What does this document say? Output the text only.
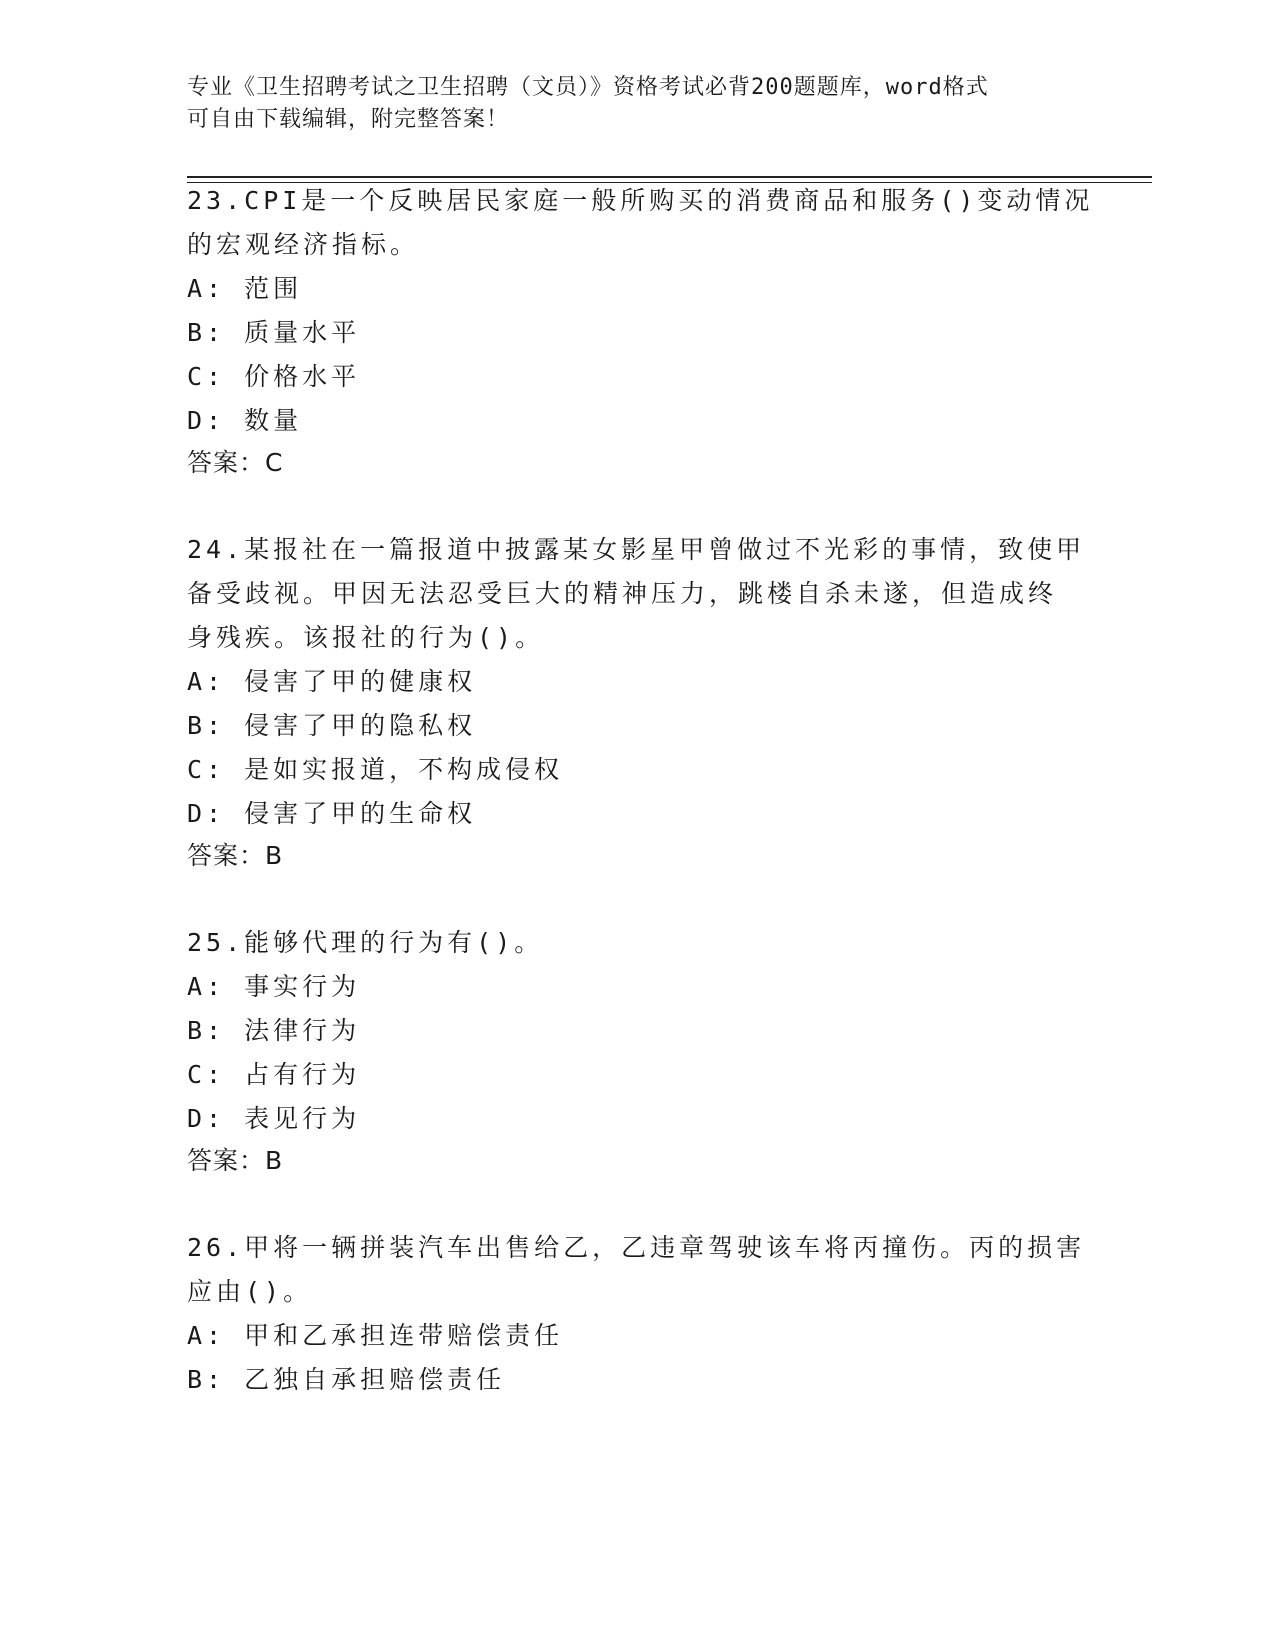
专业《卫生招聘考试之卫生招聘（文员）》资格考试必背200题题库，word格式
可自由下载编辑，附完整答案！
23.CPI是一个反映居民家庭一般所购买的消费商品和服务()变动情况
的宏观经济指标。
A: 范围
B: 质量水平
C: 价格水平
D: 数量
答案：C
24.某报社在一篇报道中披露某女影星甲曾做过不光彩的事情，致使甲
备受歧视。甲因无法忍受巨大的精神压力，跳楼自杀未遂，但造成终
身残疾。该报社的行为()。
A: 侵害了甲的健康权
B: 侵害了甲的隐私权
C: 是如实报道，不构成侵权
D: 侵害了甲的生命权
答案：B
25.能够代理的行为有()。
A: 事实行为
B: 法律行为
C: 占有行为
D: 表见行为
答案：B
26.甲将一辆拼装汽车出售给乙，乙违章驾驶该车将丙撞伤。丙的损害
应由()。
A: 甲和乙承担连带赔偿责任
B: 乙独自承担赔偿责任
